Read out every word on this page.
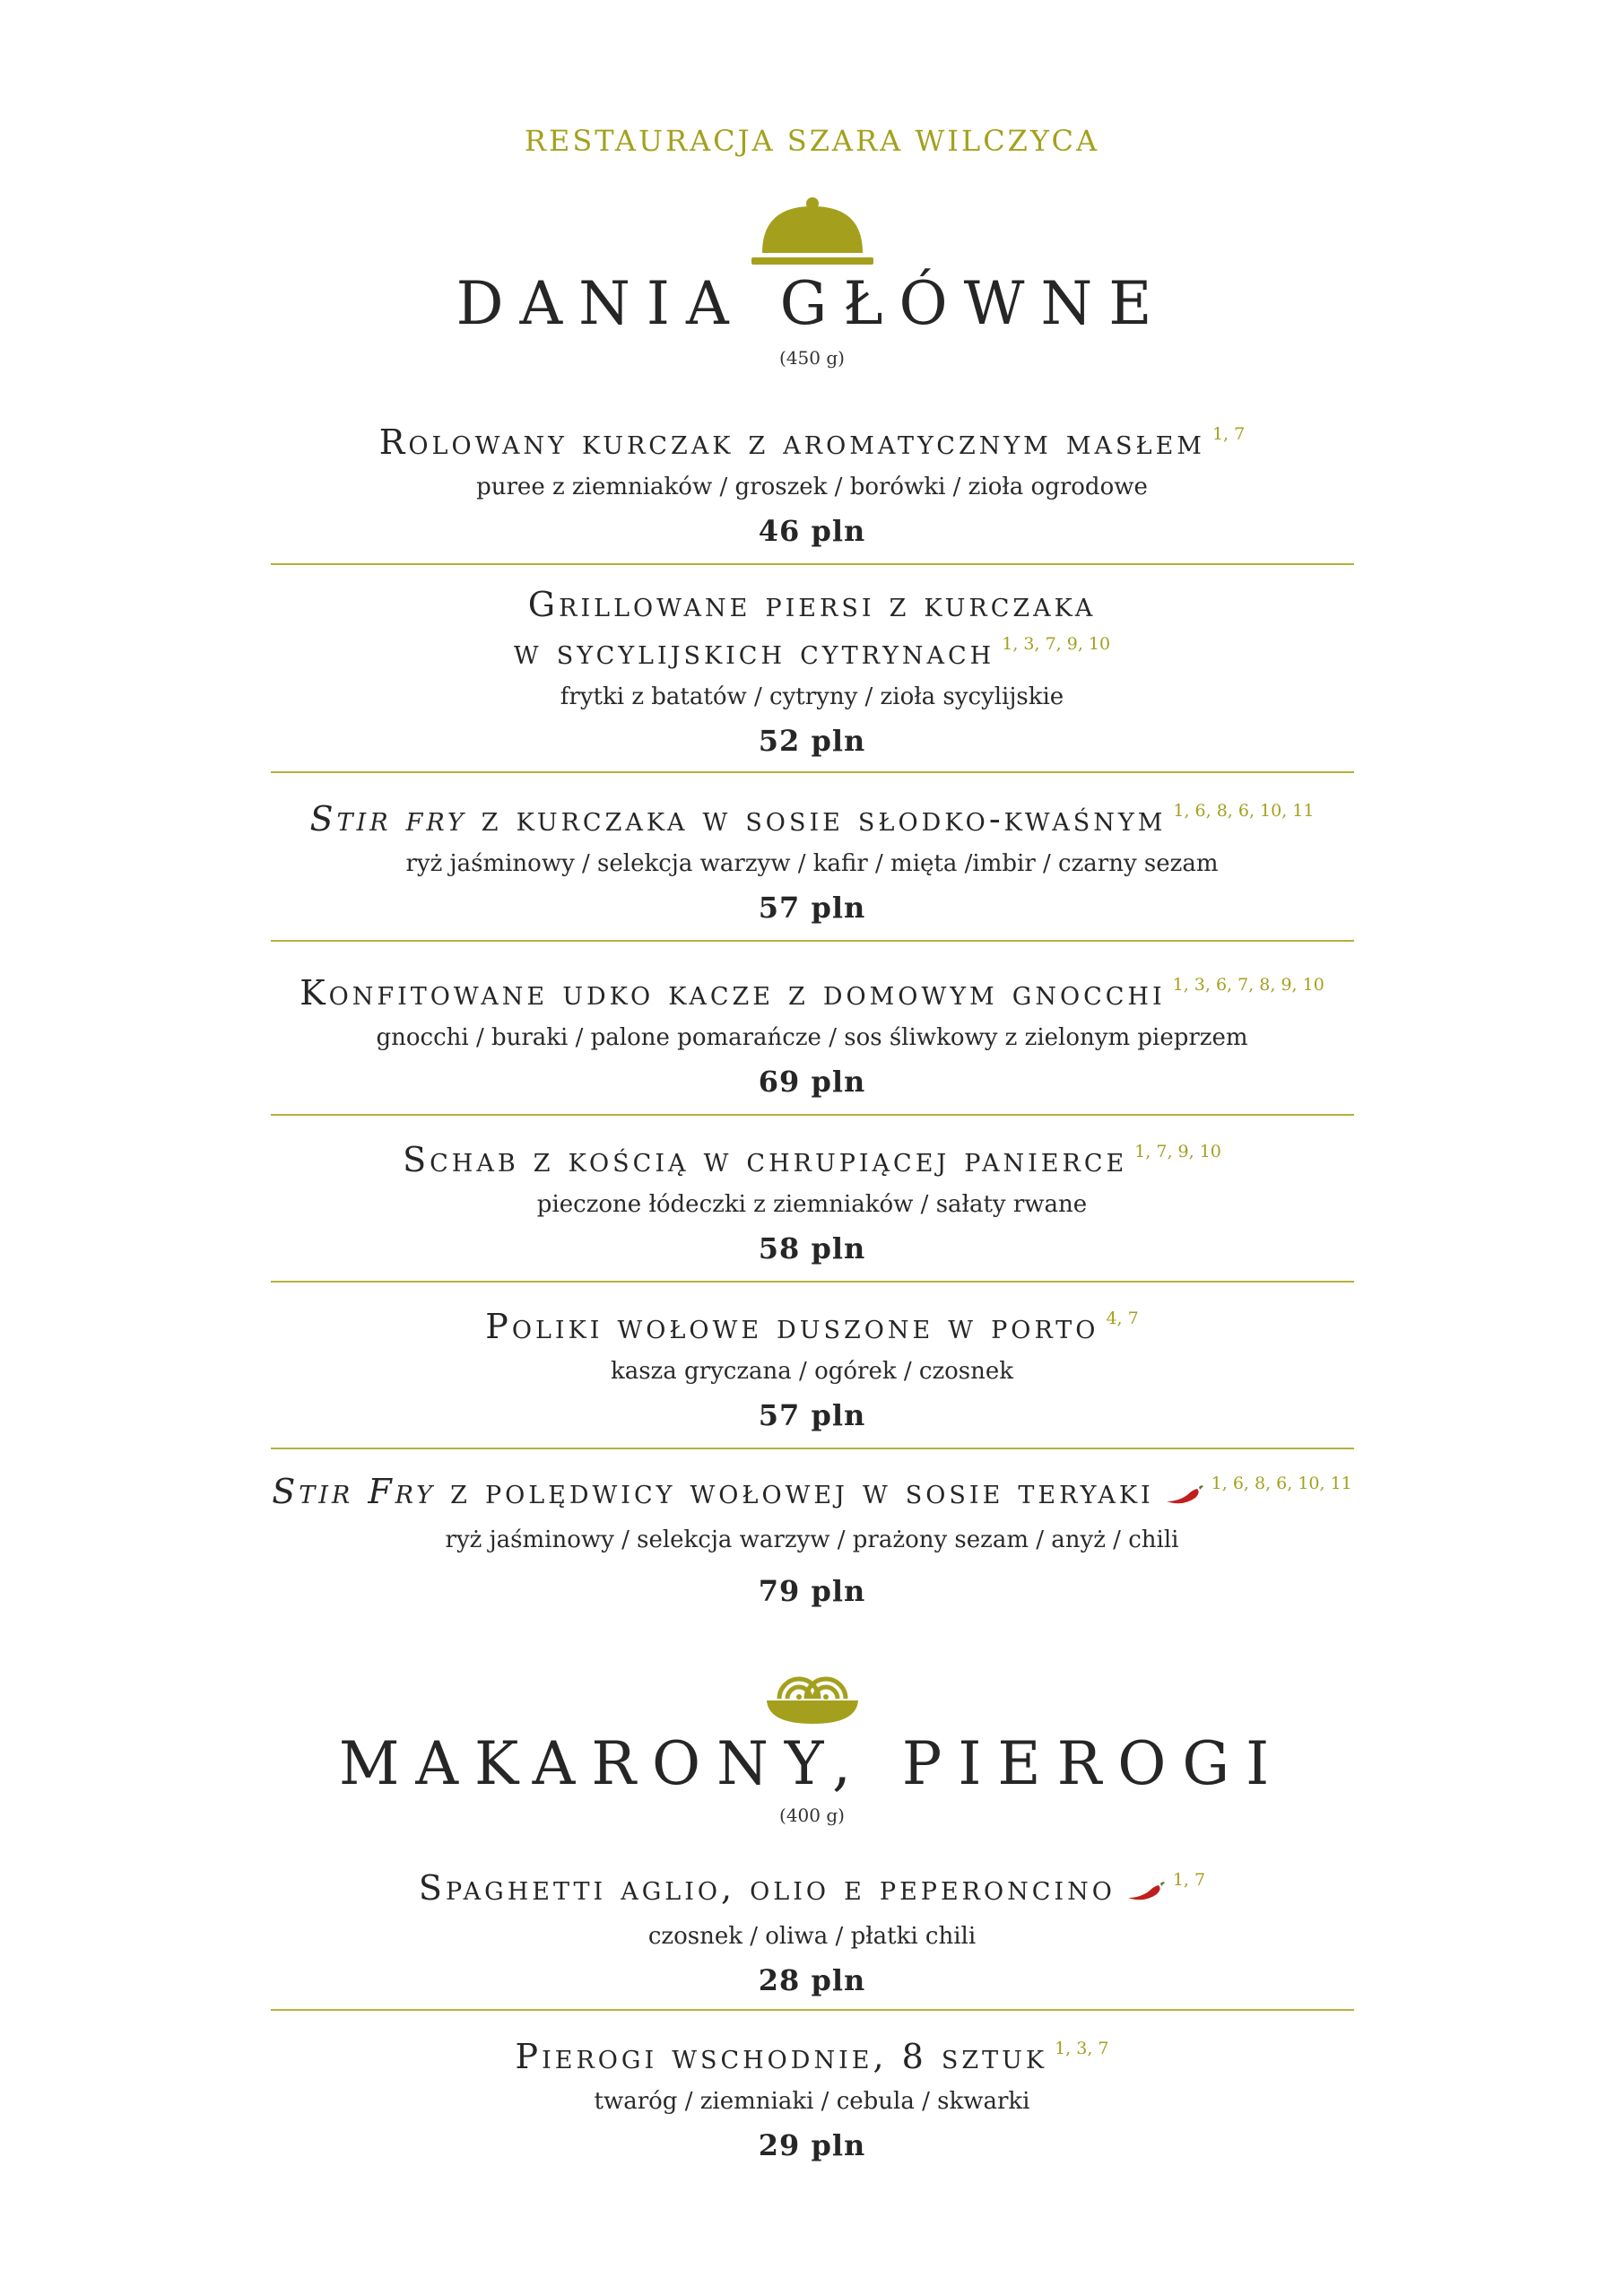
RESTAURACJA SZARA WILCZYCA
DANIA GŁÓWNE
(450 g)
Rolowany kurczak z aromatycznym masłem $^{1, 7}$
puree z ziemniaków / groszek / borówki / zioła ogrodowe
46 pln
Grillowane piersi z kurczaka
w sycylijskich cytrynach $^{1, 3, 7, 9, 10}$
frytki z batatów / cytryny / zioła sycylijskie
52 pln
Stir fry z kurczaka w sosie słodko-kwaśnym $^{1, 6, 8, 6, 10, 11}$
ryż jaśminowy / selekcja warzyw / kafir / mięta /imbir / czarny sezam
57 pln
Konfitowane udko kacze z domowym gnocchi $^{1, 3, 6, 7, 8, 9, 10}$
gnocchi / buraki / palone pomarańcze / sos śliwkowy z zielonym pieprzem
69 pln
Schab z kością w chrupiącej panierce $^{1, 7, 9, 10}$
pieczone łódeczki z ziemniaków / sałaty rwane
58 pln
Poliki wołowe duszone w porto $^{4, 7}$
kasza gryczana / ogórek / czosnek
57 pln
Stir Fry z polędwicy wołowej w sosie teryaki	$^{1, 6, 8, 6, 10, 11}$
ryż jaśminowy / selekcja warzyw / prażony sezam / anyż / chili
79 pln
MAKARONY, PIEROGI
(400 g)
Spaghetti aglio, olio e peperoncino	$^{1, 7}$
czosnek / oliwa / płatki chili
28 pln
Pierogi wschodnie, 8 sztuk $^{1, 3, 7}$
twaróg / ziemniaki / cebula / skwarki
29 pln
